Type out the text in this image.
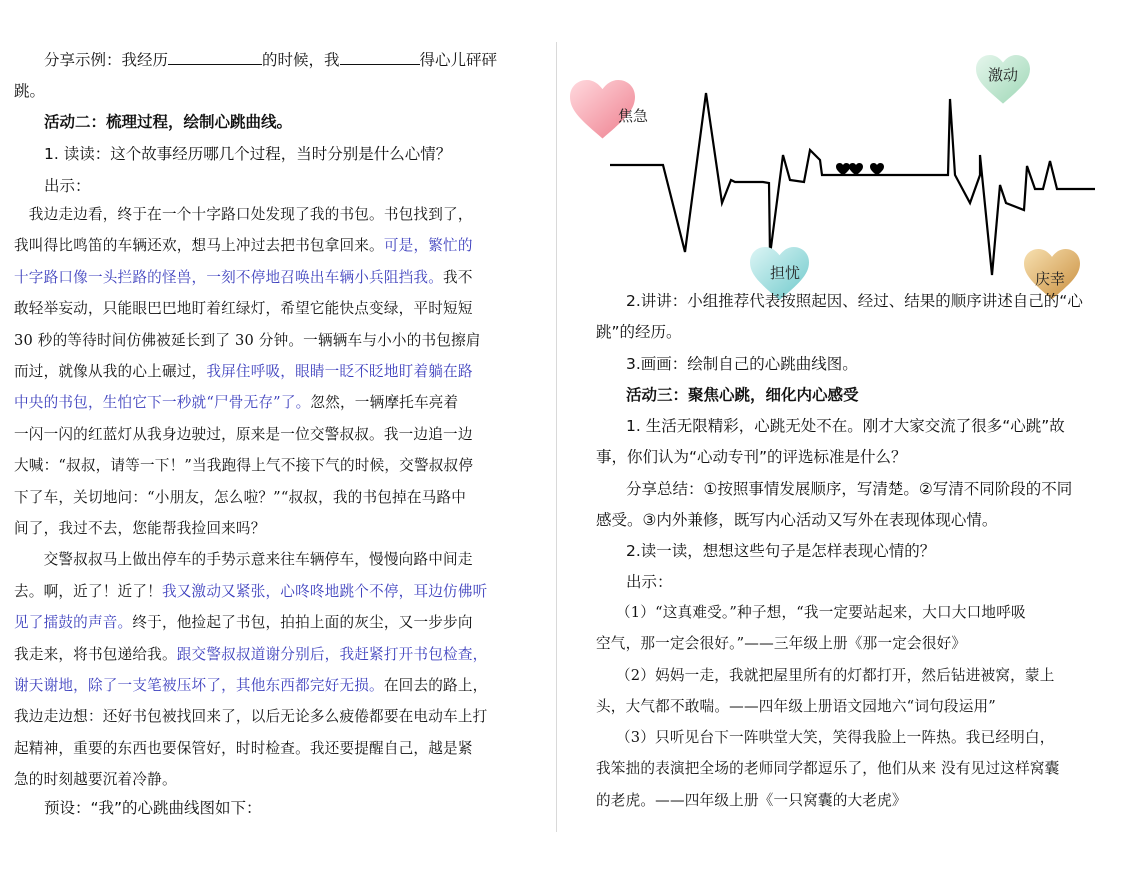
分享示例：我经历	的时候，我	得心儿砰砰
跳。
活动二：梳理过程，绘制心跳曲线。
1. 读读：这个故事经历哪几个过程，当时分别是什么心情？
出示：
　我边走边看，终于在一个十字路口处发现了我的书包。书包找到了，
我叫得比鸣笛的车辆还欢，想马上冲过去把书包拿回来。可是，繁忙的
十字路口像一头拦路的怪兽，一刻不停地召唤出车辆小兵阻挡我。我不
敢轻举妄动，只能眼巴巴地盯着红绿灯，希望它能快点变绿，平时短短
30 秒的等待时间仿佛被延长到了 30 分钟。一辆辆车与小小的书包擦肩
而过，就像从我的心上碾过，我屏住呼吸，眼睛一眨不眨地盯着躺在路
中央的书包，生怕它下一秒就“尸骨无存”了。忽然，一辆摩托车亮着
一闪一闪的红蓝灯从我身边驶过，原来是一位交警叔叔。我一边追一边
大喊：“叔叔，请等一下！”当我跑得上气不接下气的时候，交警叔叔停
下了车，关切地问：“小朋友，怎么啦？”“叔叔，我的书包掉在马路中
间了，我过不去，您能帮我捡回来吗？
　　交警叔叔马上做出停车的手势示意来往车辆停车，慢慢向路中间走
去。啊，近了！近了！我又激动又紧张，心咚咚地跳个不停，耳边仿佛听
见了擂鼓的声音。终于，他捡起了书包，拍拍上面的灰尘，又一步步向
我走来，将书包递给我。跟交警叔叔道谢分别后，我赶紧打开书包检查，
谢天谢地，除了一支笔被压坏了，其他东西都完好无损。在回去的路上，
我边走边想：还好书包被找回来了，以后无论多么疲倦都要在电动车上打
起精神，重要的东西也要保管好，时时检查。我还要提醒自己，越是紧
急的时刻越要沉着冷静。
预设：“我”的心跳曲线图如下：
焦急
激动
担忧	庆幸
2.讲讲：小组推荐代表按照起因、经过、结果的顺序讲述自己的“心
跳”的经历。
3.画画：绘制自己的心跳曲线图。
活动三：聚焦心跳，细化内心感受
1. 生活无限精彩，心跳无处不在。刚才大家交流了很多“心跳”故
事，你们认为“心动专刊”的评选标准是什么？
分享总结：①按照事情发展顺序，写清楚。②写清不同阶段的不同
感受。③内外兼修，既写内心活动又写外在表现体现心情。
2.读一读，想想这些句子是怎样表现心情的？
出示：
（1）“这真难受。”种子想，“我一定要站起来，大口大口地呼吸
空气，那一定会很好。”——三年级上册《那一定会很好》
（2）妈妈一走，我就把屋里所有的灯都打开，然后钻进被窝，蒙上
头，大气都不敢喘。——四年级上册语文园地六“词句段运用”
（3）只听见台下一阵哄堂大笑，笑得我脸上一阵热。我已经明白，
我笨拙的表演把全场的老师同学都逗乐了，他们从来 没有见过这样窝囊
的老虎。——四年级上册《一只窝囊的大老虎》
